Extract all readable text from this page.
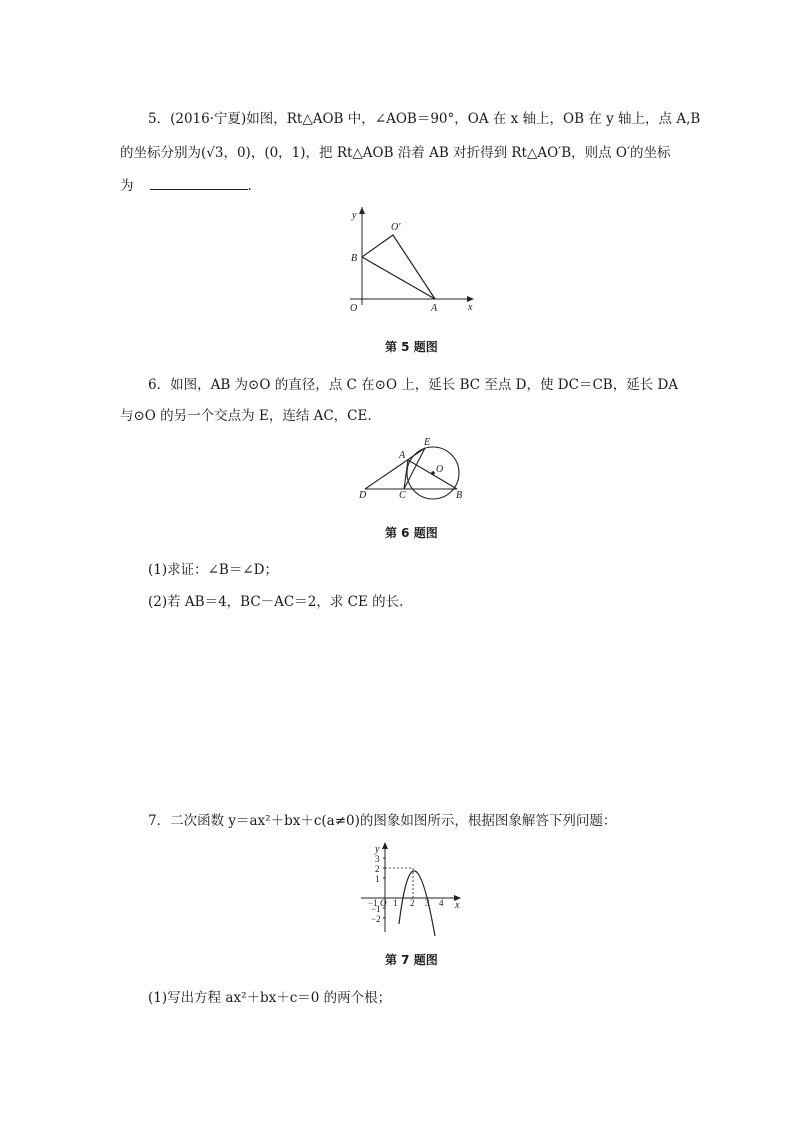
5．(2016·宁夏)如图，Rt△AOB 中，∠AOB＝90°，OA 在 x 轴上，OB 在 y 轴上，点 A,B
的坐标分别为(√3，0)，(0，1)，把 Rt△AOB 沿着 AB 对折得到 Rt△AO′B，则点 O′的坐标
为	.
y
x
O
B
A
O′
第 5 题图
6．如图，AB 为⊙O 的直径，点 C 在⊙O 上，延长 BC 至点 D，使 DC＝CB，延长 DA
与⊙O 的另一个交点为 E，连结 AC，CE.
A
E
O
D	C	B
第 6 题图
(1)求证：∠B＝∠D；
(2)若 AB＝4，BC－AC＝2，求 CE 的长.
7．二次函数 y＝ax²＋bx＋c(a≠0)的图象如图所示，根据图象解答下列问题：
y
x
3
2
1
−1
−2
−1 O 1 2 3 4
第 7 题图
(1)写出方程 ax²＋bx＋c＝0 的两个根；
